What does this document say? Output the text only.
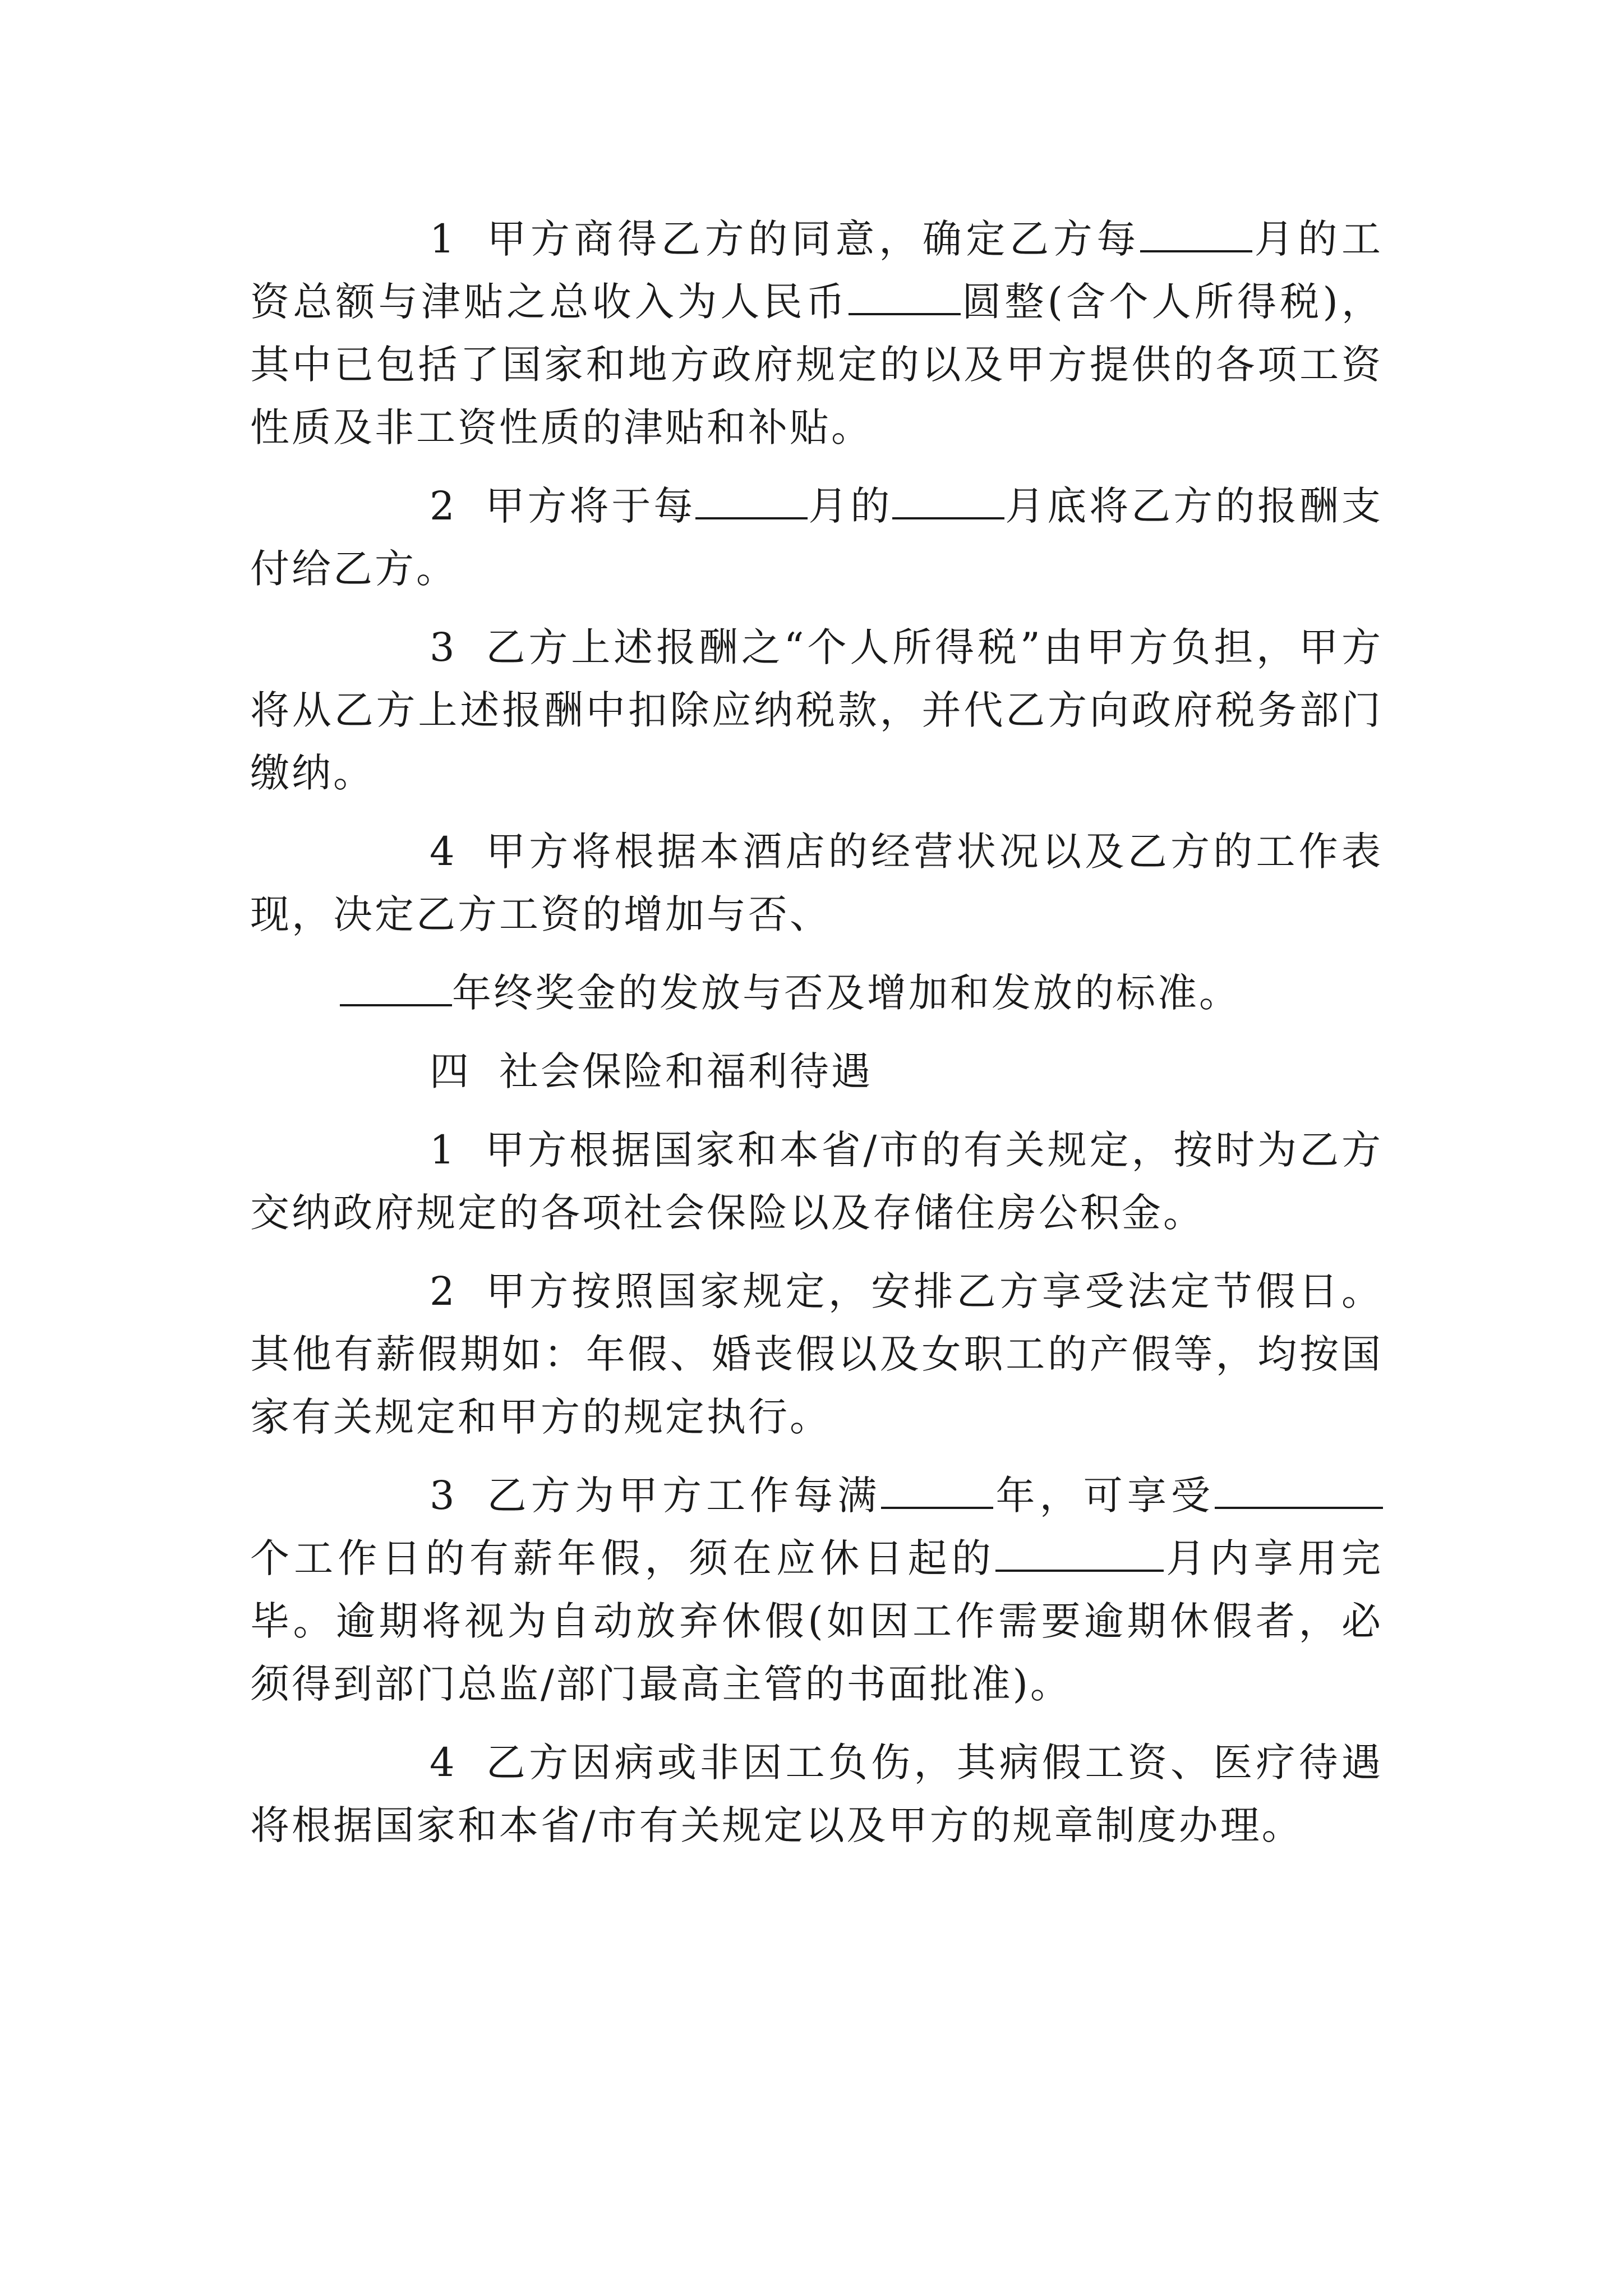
1 甲方商得乙方的同意，确定乙方每	月的工资总额与津贴之总收入为人民币	圆整(含个人所得税)，其中已包括了国家和地方政府规定的以及甲方提供的各项工资性质及非工资性质的津贴和补贴。

2 甲方将于每	月的	月底将乙方的报酬支付给乙方。

3 乙方上述报酬之“个人所得税”由甲方负担，甲方将从乙方上述报酬中扣除应纳税款，并代乙方向政府税务部门缴纳。

4 甲方将根据本酒店的经营状况以及乙方的工作表现，决定乙方工资的增加与否、

年终奖金的发放与否及增加和发放的标准。

四 社会保险和福利待遇

1 甲方根据国家和本省/市的有关规定，按时为乙方交纳政府规定的各项社会保险以及存储住房公积金。

2 甲方按照国家规定，安排乙方享受法定节假日。其他有薪假期如：年假、婚丧假以及女职工的产假等，均按国家有关规定和甲方的规定执行。

3 乙方为甲方工作每满	年，可享受个工作日的有薪年假，须在应休日起的	月内享用完毕。逾期将视为自动放弃休假(如因工作需要逾期休假者，必须得到部门总监/部门最高主管的书面批准)。

4 乙方因病或非因工负伤，其病假工资、医疗待遇将根据国家和本省/市有关规定以及甲方的规章制度办理。
